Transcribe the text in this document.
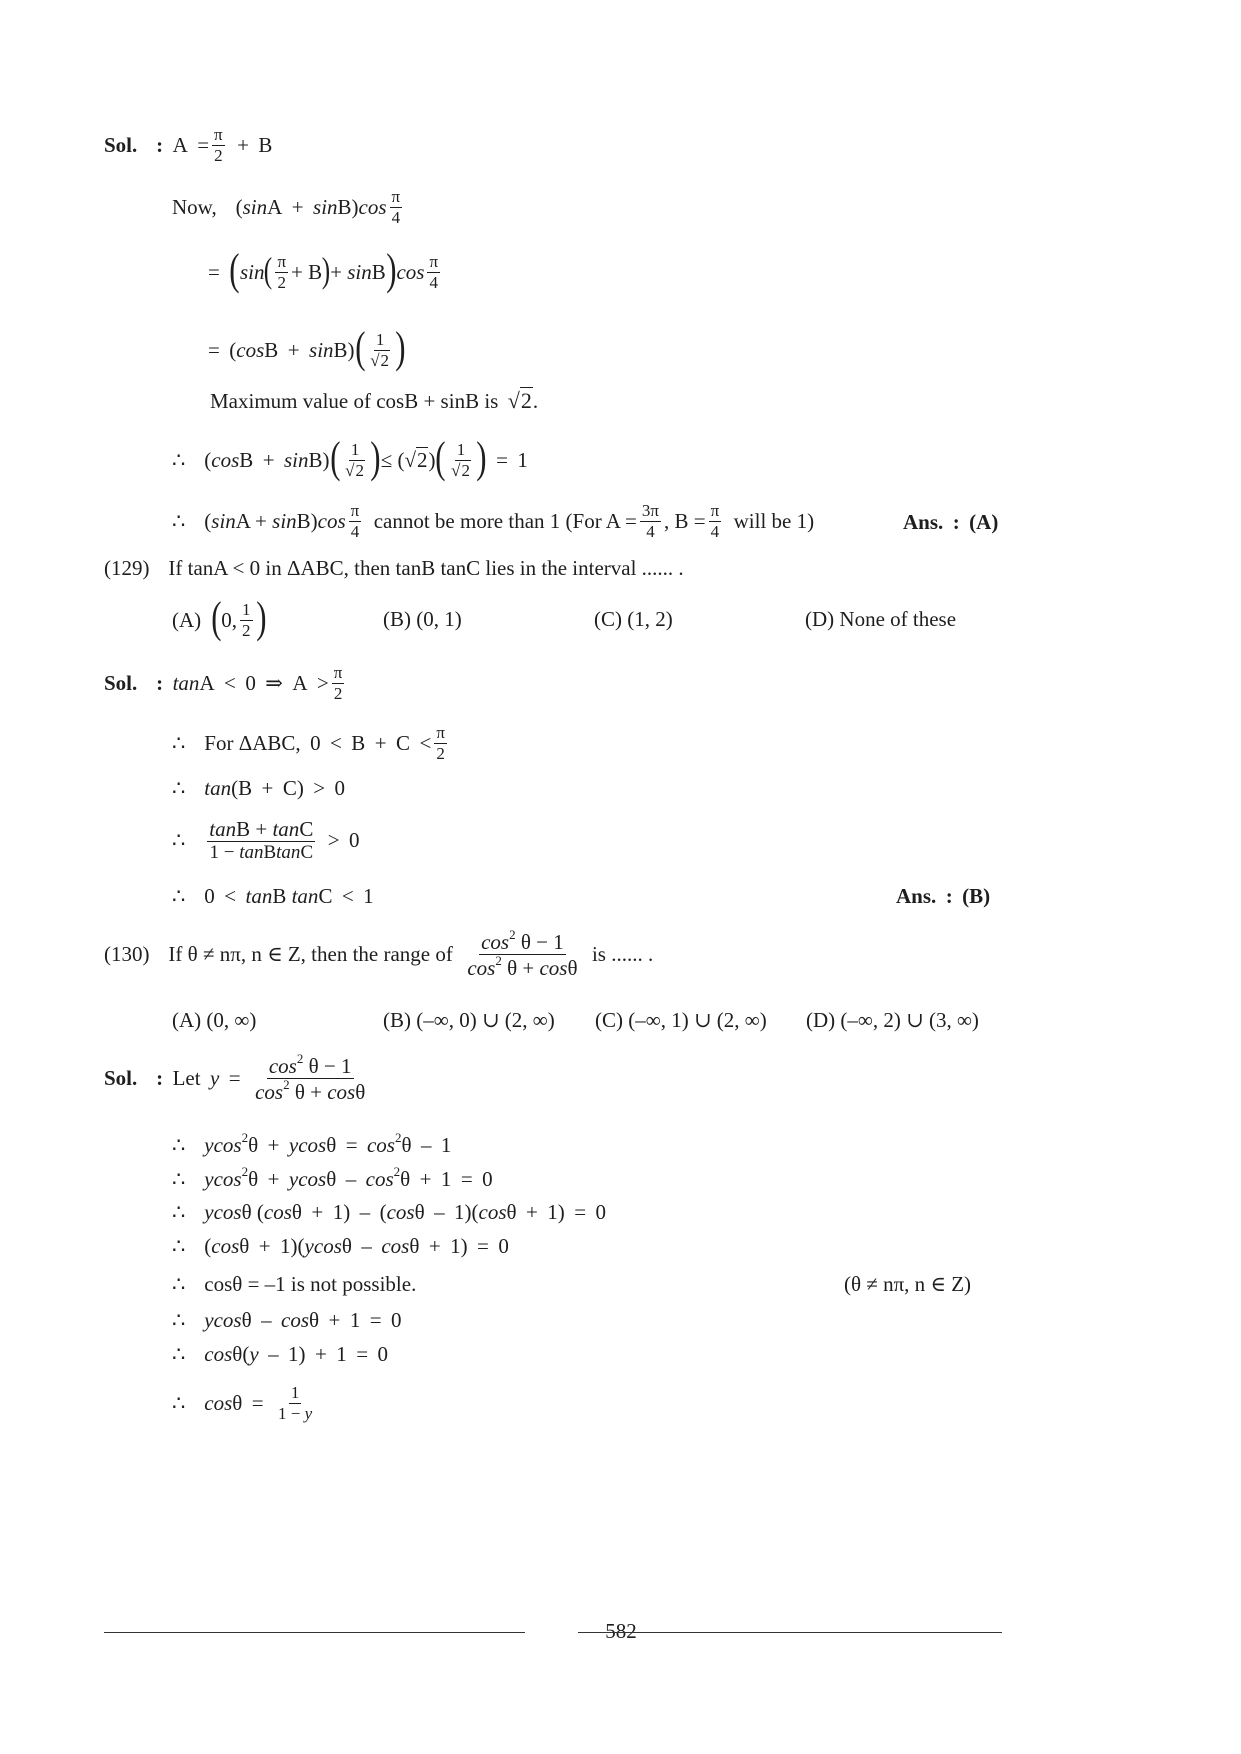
Sol. : $A = \frac{\pi}{2} + B$
Now, (sinA + sinB)cos π
4
= ( sin ( π
2 + B ) + sinB ) cos π
4
= (cosB + sinB) ( 1
√2 )
Maximum value of cosB + sinB is √2 .
∴ (cosB + sinB) ( 1
√2 ) ≤ (√2) ( 1
√2 ) = 1
∴ (sinA + sinB)cos π
4 cannot be more than 1 (For $A = \frac{3\pi}{4}$ , $B = \frac{\pi}{4}$ will be 1)	Ans. : (A)
(129) If tanA < 0 in ΔABC, then tanB tanC lies in the interval ...... .
(A) ( 0, 1
2 )	(B) (0, 1)	(C) (1, 2)	(D) None of these
Sol. : tanA < 0 ⇒ A > π
2
∴ For ΔABC, 0 < B + C < π
2
∴ tan(B + C) > 0
∴ tanB + tanC
1 − tanBtanC
> 0
∴ 0 < tanB tanC < 1	Ans. : (B)
(130) If θ ≠ nπ, n ∈ Z, then the range of
$\cos^2 \theta - 1$
$\cos^2 \theta + \cos\theta$
is ...... .
(A) (0, ∞)	(B) (–∞, 0) ∪ (2, ∞) (C) (–∞, 1) ∪ (2, ∞) (D) (–∞, 2) ∪ (3, ∞)
Sol. : Let y =
$\cos^2 \theta - 1$
$\cos^2 \theta + \cos\theta$
∴ $ycos^2\theta + ycos\theta = \cos^2\theta - 1$
∴ $ycos^2\theta + ycos\theta - \cos^2\theta + 1 = 0$
∴ ycosθ (cosθ + 1) – (cosθ – 1)(cosθ + 1) = 0
∴ (cosθ + 1)(ycosθ – cosθ + 1) = 0
∴ cosθ = –1 is not possible.	(θ ≠ nπ, n ∈ Z)
∴ ycosθ – cosθ + 1 = 0
∴ cosθ(y – 1) + 1 = 0
∴ cosθ = 1
1 − y
582
